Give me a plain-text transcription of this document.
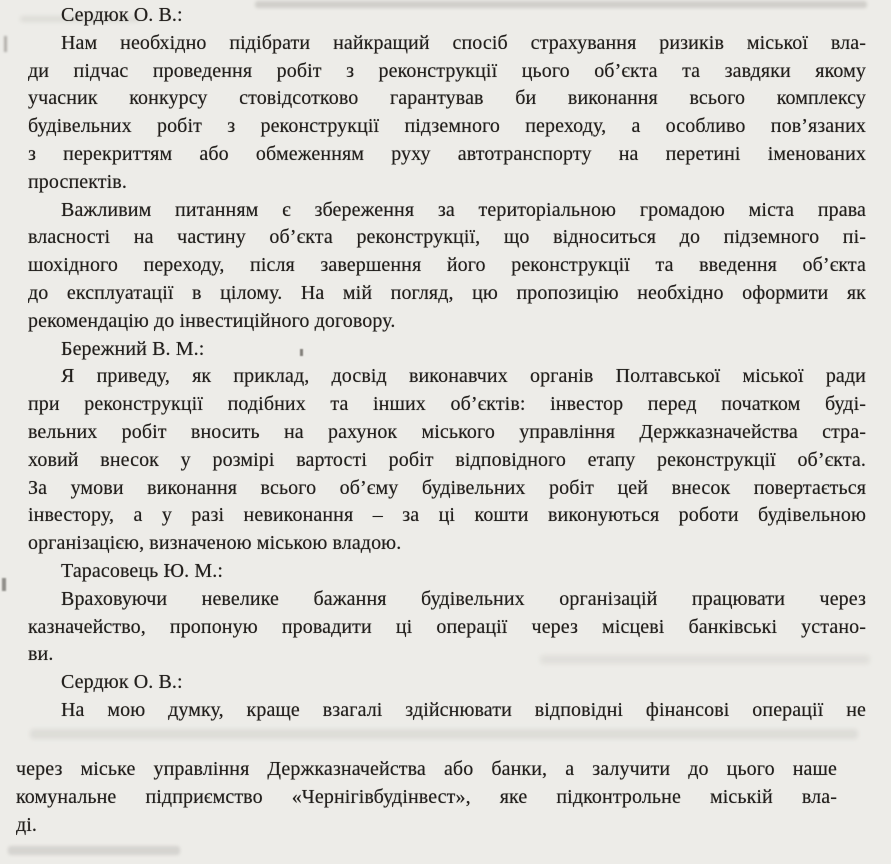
Сердюк О. В.:
Нам необхідно підібрати найкращий спосіб страхування ризиків міської вла-
ди підчас проведення робіт з реконструкції цього об’єкта та завдяки якому
учасник конкурсу стовідсотково гарантував би виконання всього комплексу
будівельних робіт з реконструкції підземного переходу, а особливо пов’язаних
з перекриттям або обмеженням руху автотранспорту на перетині іменованих
проспектів.
Важливим питанням є збереження за територіальною громадою міста права
власності на частину об’єкта реконструкції, що відноситься до підземного пі-
шохідного переходу, після завершення його реконструкції та введення об’єкта
до експлуатації в цілому. На мій погляд, цю пропозицію необхідно оформити як
рекомендацію до інвестиційного договору.
Бережний В. М.:
Я приведу, як приклад, досвід виконавчих органів Полтавської міської ради
при реконструкції подібних та інших об’єктів: інвестор перед початком буді-
вельних робіт вносить на рахунок міського управління Держказначейства стра-
ховий внесок у розмірі вартості робіт відповідного етапу реконструкції об’єкта.
За умови виконання всього об’єму будівельних робіт цей внесок повертається
інвестору, а у разі невиконання – за ці кошти виконуються роботи будівельною
організацією, визначеною міською владою.
Тарасовець Ю. М.:
Враховуючи невелике бажання будівельних організацій працювати через
казначейство, пропоную провадити ці операції через місцеві банківські устано-
ви.
Сердюк О. В.:
На мою думку, краще взагалі здійснювати відповідні фінансові операції не
через міське управління Держказначейства або банки, а залучити до цього наше
комунальне підприємство «Чернігівбудінвест», яке підконтрольне міській вла-
ді.
